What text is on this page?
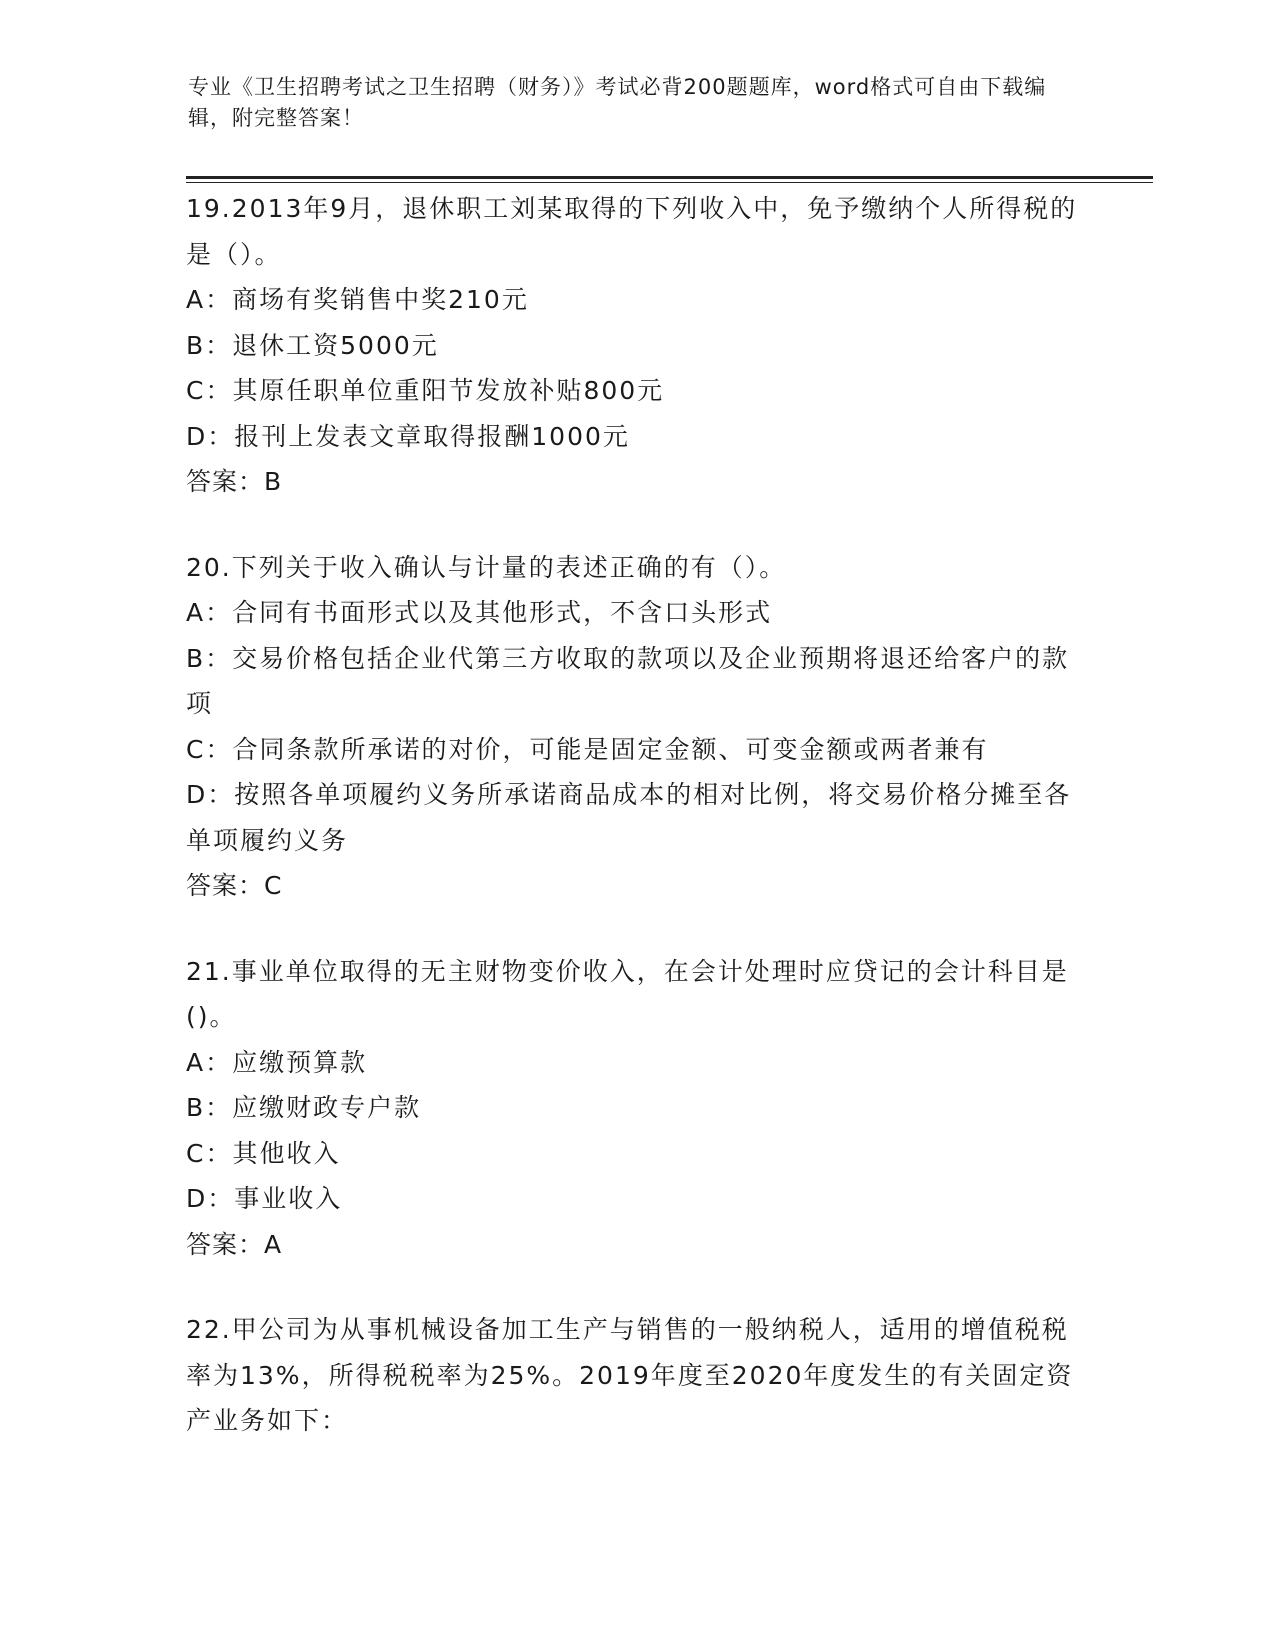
专业《卫生招聘考试之卫生招聘（财务）》考试必背200题题库，word格式可自由下载编辑，附完整答案！
19.2013年9月，退休职工刘某取得的下列收入中，免予缴纳个人所得税的是（）。
A：商场有奖销售中奖210元
B：退休工资5000元
C：其原任职单位重阳节发放补贴800元
D：报刊上发表文章取得报酬1000元
答案：B
20.下列关于收入确认与计量的表述正确的有（）。
A：合同有书面形式以及其他形式，不含口头形式
B：交易价格包括企业代第三方收取的款项以及企业预期将退还给客户的款项
C：合同条款所承诺的对价，可能是固定金额、可变金额或两者兼有
D：按照各单项履约义务所承诺商品成本的相对比例，将交易价格分摊至各单项履约义务
答案：C
21.事业单位取得的无主财物变价收入，在会计处理时应贷记的会计科目是()。
A：应缴预算款
B：应缴财政专户款
C：其他收入
D：事业收入
答案：A
22.甲公司为从事机械设备加工生产与销售的一般纳税人，适用的增值税税率为13%，所得税税率为25%。2019年度至2020年度发生的有关固定资产业务如下：
